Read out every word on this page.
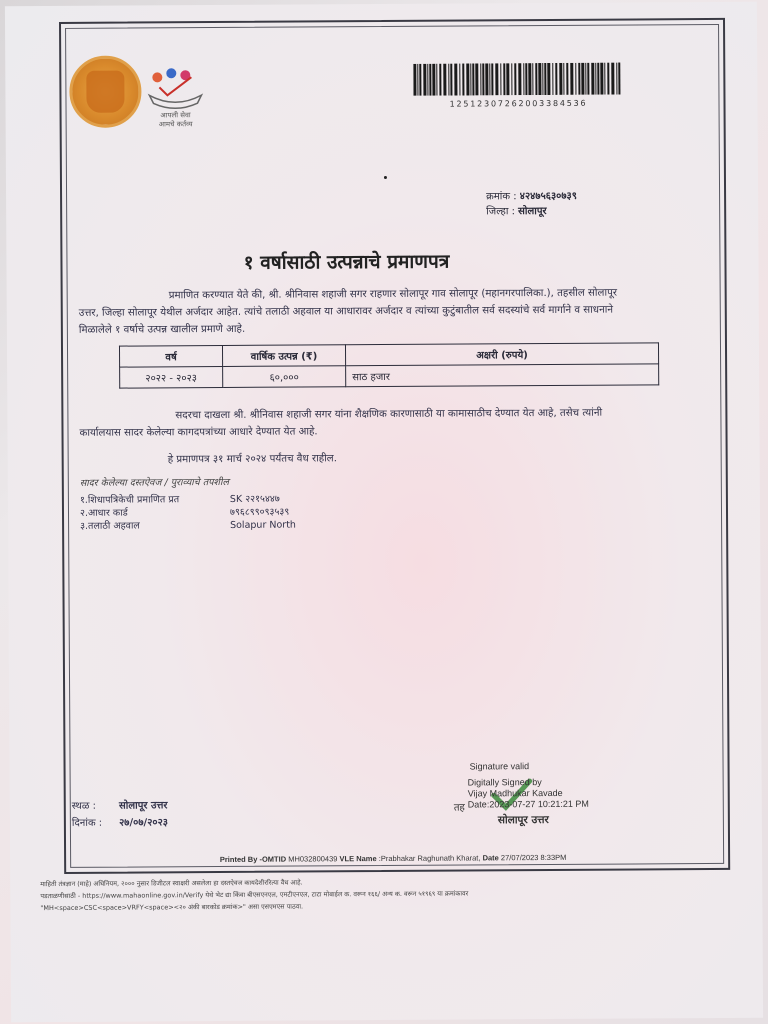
आपली सेवा
आमचे कर्तव्य
1251230726200338453​6
क्रमांक : ४२४७५६३०७३९
जिल्हा : सोलापूर
१ वर्षासाठी उत्पन्नाचे प्रमाणपत्र
प्रमाणित करण्यात येते की, श्री. श्रीनिवास शहाजी सगर राहणार सोलापूर गाव सोलापूर (महानगरपालिका.), तहसील सोलापूर उत्तर, जिल्हा सोलापूर येथील अर्जदार आहेत. त्यांचे तलाठी अहवाल या आधारावर अर्जदार व त्यांच्या कुटुंबातील सर्व सदस्यांचे सर्व मार्गाने व साधनाने मिळालेले १ वर्षाचे उत्पन्न खालील प्रमाणे आहे.
वर्ष	वार्षिक उत्पन्न (₹)	अक्षरी (रुपये)
२०२२ - २०२३	६०,०००	साठ हजार
सदरचा दाखला श्री. श्रीनिवास शहाजी सगर यांना शैक्षणिक कारणासाठी या कामासाठीच देण्यात येत आहे, तसेच त्यांनी कार्यालयास सादर केलेल्या कागदपत्रांच्या आधारे देण्यात येत आहे.
हे प्रमाणपत्र ३१ मार्च २०२४ पर्यंतच वैध राहील.
सादर केलेल्या दस्तऐवज / पुराव्याचे तपशील
१.शिधापत्रिकेची प्रमाणित प्रत	SK २२१५४४७
२.आधार कार्ड	७९६८९९०९३५३९
३.तलाठी अहवाल	Solapur North
Signature valid
Digitally Signed by
Vijay Madhukar Kavade
Date:2023-07-27 10:21:21 PM
तह
सोलापूर उत्तर
स्थळ : सोलापूर उत्तर
दिनांक : २७/०७/२०२३
Printed By -OMTID MH032800439 VLE Name :Prabhakar Raghunath Kharat, Date 27/07/2023 8:33PM
माहिती तंत्रज्ञान (माहे) अधिनियम, २००० नुसार डिजीटल स्वाक्षरी असलेला हा दस्तऐवज कायदेशीररित्या वैध आहे.
पडताळणीसाठी - https://www.mahaonline.gov.in/Verify येथे भेट द्या किंवा बीएसएनएल, एमटीएनएल, टाटा मोबाईल क. वरून १६६/ अन्य क. वरून ५१९६९ या क्रमांकावर
"MH<space>CSC<space>VRFY<space><२० अंकी बारकोड क्रमांक>" असा एसएमएस पाठवा.
